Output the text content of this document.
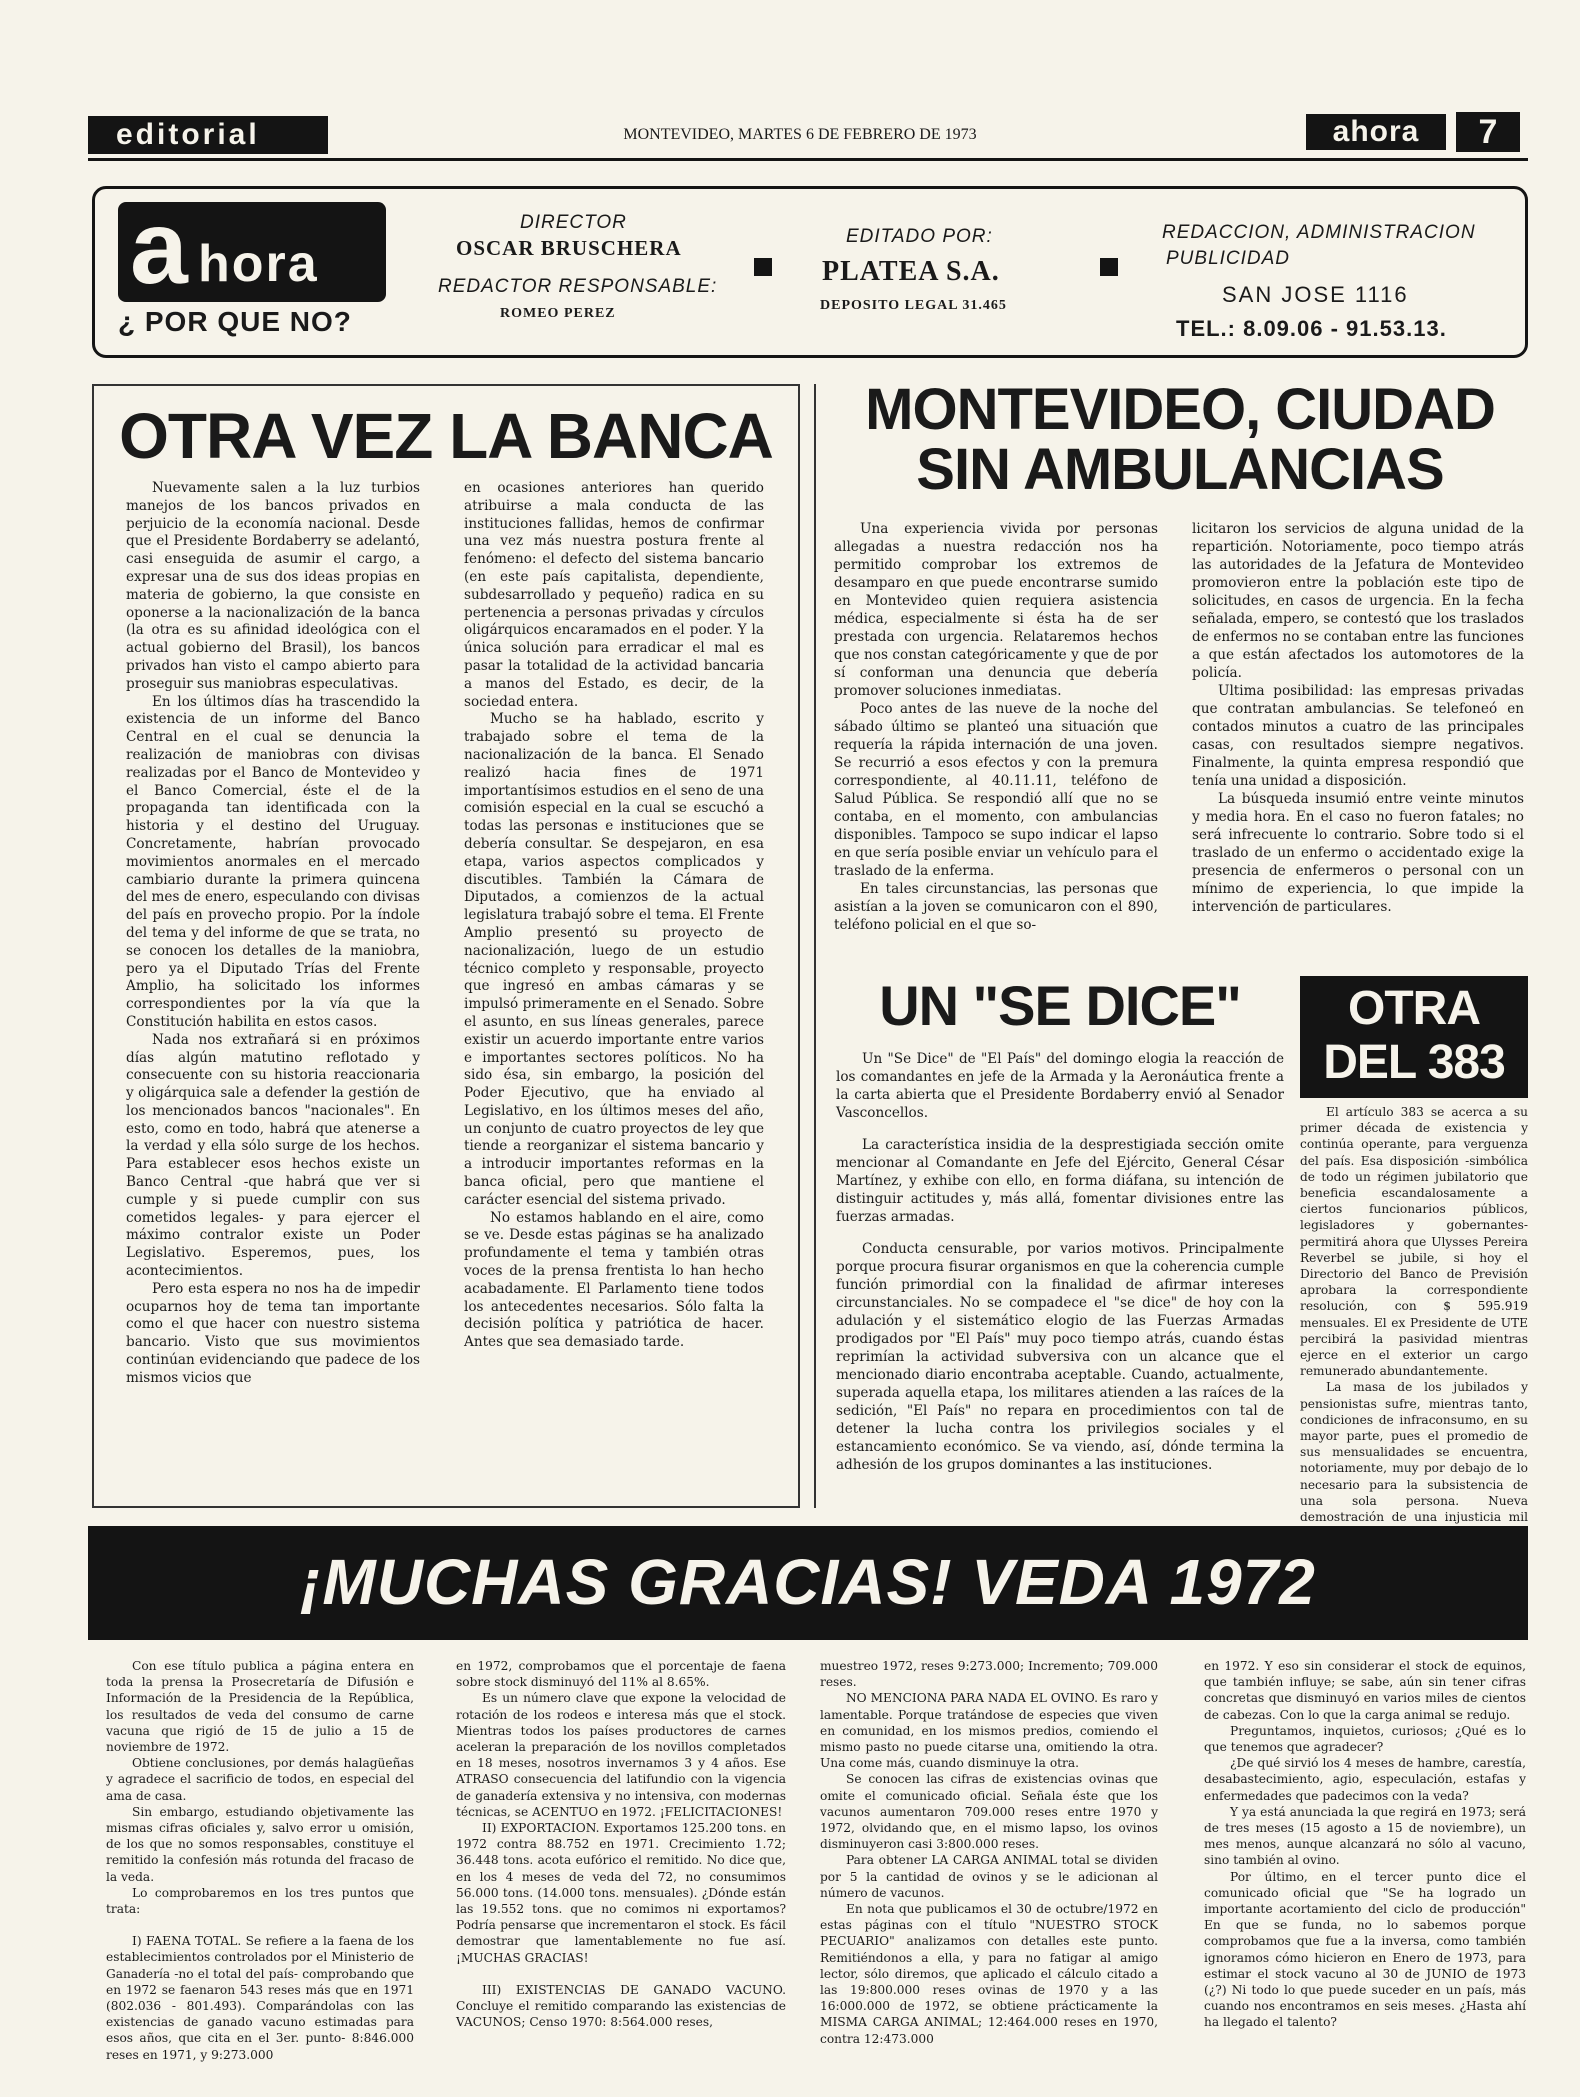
editorial	MONTEVIDEO, MARTES 6 DE FEBRERO DE 1973	ahora	7
a hora
¿ POR QUE NO?
DIRECTOR
OSCAR BRUSCHERA
REDACTOR RESPONSABLE:
ROMEO PEREZ
EDITADO POR:
PLATEA S.A.
DEPOSITO LEGAL 31.465
REDACCION, ADMINISTRACION
PUBLICIDAD
SAN JOSE 1116
TEL.: 8.09.06 - 91.53.13.
OTRA VEZ LA BANCA

Nuevamente salen a la luz turbios manejos de los bancos privados en perjuicio de la economía nacional. Desde que el Presidente Bordaberry se adelantó, casi enseguida de asumir el cargo, a expresar una de sus dos ideas propias en materia de gobierno, la que consiste en oponerse a la nacionalización de la banca (la otra es su afinidad ideológica con el actual gobierno del Brasil), los bancos privados han visto el campo abierto para proseguir sus maniobras especulativas.

En los últimos días ha trascendido la existencia de un informe del Banco Central en el cual se denuncia la realización de maniobras con divisas realizadas por el Banco de Montevideo y el Banco Comercial, éste el de la propaganda tan identificada con la historia y el destino del Uruguay. Concretamente, habrían provocado movimientos anormales en el mercado cambiario durante la primera quincena del mes de enero, especulando con divisas del país en provecho propio. Por la índole del tema y del informe de que se trata, no se conocen los detalles de la maniobra, pero ya el Diputado Trías del Frente Amplio, ha solicitado los informes correspondientes por la vía que la Constitución habilita en estos casos.

Nada nos extrañará si en próximos días algún matutino reflotado y consecuente con su historia reaccionaria y oligárquica sale a defender la gestión de los mencionados bancos "nacionales". En esto, como en todo, habrá que atenerse a la verdad y ella sólo surge de los hechos. Para establecer esos hechos existe un Banco Central -que habrá que ver si cumple y si puede cumplir con sus cometidos legales- y para ejercer el máximo contralor existe un Poder Legislativo. Esperemos, pues, los acontecimientos.

Pero esta espera no nos ha de impedir ocuparnos hoy de tema tan importante como el que hacer con nuestro sistema bancario. Visto que sus movimientos continúan evidenciando que padece de los mismos vicios que

en ocasiones anteriores han querido atribuirse a mala conducta de las instituciones fallidas, hemos de confirmar una vez más nuestra postura frente al fenómeno: el defecto del sistema bancario (en este país capitalista, dependiente, subdesarrollado y pequeño) radica en su pertenencia a personas privadas y círculos oligárquicos encaramados en el poder. Y la única solución para erradicar el mal es pasar la totalidad de la actividad bancaria a manos del Estado, es decir, de la sociedad entera.

Mucho se ha hablado, escrito y trabajado sobre el tema de la nacionalización de la banca. El Senado realizó hacia fines de 1971 importantísimos estudios en el seno de una comisión especial en la cual se escuchó a todas las personas e instituciones que se debería consultar. Se despejaron, en esa etapa, varios aspectos complicados y discutibles. También la Cámara de Diputados, a comienzos de la actual legislatura trabajó sobre el tema. El Frente Amplio presentó su proyecto de nacionalización, luego de un estudio técnico completo y responsable, proyecto que ingresó en ambas cámaras y se impulsó primeramente en el Senado. Sobre el asunto, en sus líneas generales, parece existir un acuerdo importante entre varios e importantes sectores políticos. No ha sido ésa, sin embargo, la posición del Poder Ejecutivo, que ha enviado al Legislativo, en los últimos meses del año, un conjunto de cuatro proyectos de ley que tiende a reorganizar el sistema bancario y a introducir importantes reformas en la banca oficial, pero que mantiene el carácter esencial del sistema privado.

No estamos hablando en el aire, como se ve. Desde estas páginas se ha analizado profundamente el tema y también otras voces de la prensa frentista lo han hecho acabadamente. El Parlamento tiene todos los antecedentes necesarios. Sólo falta la decisión política y patriótica de hacer. Antes que sea demasiado tarde.

MONTEVIDEO, CIUDAD
SIN AMBULANCIAS

Una experiencia vivida por personas allegadas a nuestra redacción nos ha permitido comprobar los extremos de desamparo en que puede encontrarse sumido en Montevideo quien requiera asistencia médica, especialmente si ésta ha de ser prestada con urgencia. Relataremos hechos que nos constan categóricamente y que de por sí conforman una denuncia que debería promover soluciones inmediatas.

Poco antes de las nueve de la noche del sábado último se planteó una situación que requería la rápida internación de una joven. Se recurrió a esos efectos y con la premura correspondiente, al 40.11.11, teléfono de Salud Pública. Se respondió allí que no se contaba, en el momento, con ambulancias disponibles. Tampoco se supo indicar el lapso en que sería posible enviar un vehículo para el traslado de la enferma.

En tales circunstancias, las personas que asistían a la joven se comunicaron con el 890, teléfono policial en el que so-

licitaron los servicios de alguna unidad de la repartición. Notoriamente, poco tiempo atrás las autoridades de la Jefatura de Montevideo promovieron entre la población este tipo de solicitudes, en casos de urgencia. En la fecha señalada, empero, se contestó que los traslados de enfermos no se contaban entre las funciones a que están afectados los automotores de la policía.

Ultima posibilidad: las empresas privadas que contratan ambulancias. Se telefoneó en contados minutos a cuatro de las principales casas, con resultados siempre negativos. Finalmente, la quinta empresa respondió que tenía una unidad a disposición.

La búsqueda insumió entre veinte minutos y media hora. En el caso no fueron fatales; no será infrecuente lo contrario. Sobre todo si el traslado de un enfermo o accidentado exige la presencia de enfermeros o personal con un mínimo de experiencia, lo que impide la intervención de particulares.

UN "SE DICE"

Un "Se Dice" de "El País" del domingo elogia la reacción de los comandantes en jefe de la Armada y la Aeronáutica frente a la carta abierta que el Presidente Bordaberry envió al Senador Vasconcellos.

La característica insidia de la desprestigiada sección omite mencionar al Comandante en Jefe del Ejército, General César Martínez, y exhibe con ello, en forma diáfana, su intención de distinguir actitudes y, más allá, fomentar divisiones entre las fuerzas armadas.

Conducta censurable, por varios motivos. Principalmente porque procura fisurar organismos en que la coherencia cumple función primordial con la finalidad de afirmar intereses circunstanciales. No se compadece el "se dice" de hoy con la adulación y el sistemático elogio de las Fuerzas Armadas prodigados por "El País" muy poco tiempo atrás, cuando éstas reprimían la actividad subversiva con un alcance que el mencionado diario encontraba aceptable. Cuando, actualmente, superada aquella etapa, los militares atienden a las raíces de la sedición, "El País" no repara en procedimientos con tal de detener la lucha contra los privilegios sociales y el estancamiento económico. Se va viendo, así, dónde termina la adhesión de los grupos dominantes a las instituciones.

OTRA
DEL 383

El artículo 383 se acerca a su primer década de existencia y continúa operante, para verguenza del país. Esa disposición -simbólica de todo un régimen jubilatorio que beneficia escandalosamente a ciertos funcionarios públicos, legisladores y gobernantes- permitirá ahora que Ulysses Pereira Reverbel se jubile, si hoy el Directorio del Banco de Previsión aprobara la correspondiente resolución, con $ 595.919 mensuales. El ex Presidente de UTE percibirá la pasividad mientras ejerce en el exterior un cargo remunerado abundantemente.

La masa de los jubilados y pensionistas sufre, mientras tanto, condiciones de infraconsumo, en su mayor parte, pues el promedio de sus mensualidades se encuentra, notoriamente, muy por debajo de lo necesario para la subsistencia de una sola persona. Nueva demostración de una injusticia mil

¡MUCHAS GRACIAS! VEDA 1972

Con ese título publica a página entera en toda la prensa la Prosecretaría de Difusión e Información de la Presidencia de la República, los resultados de veda del consumo de carne vacuna que rigió de 15 de julio a 15 de noviembre de 1972.

Obtiene conclusiones, por demás halagüeñas y agradece el sacrificio de todos, en especial del ama de casa.

Sin embargo, estudiando objetivamente las mismas cifras oficiales y, salvo error u omisión, de los que no somos responsables, constituye el remitido la confesión más rotunda del fracaso de la veda.

Lo comprobaremos en los tres puntos que trata:

I) FAENA TOTAL. Se refiere a la faena de los establecimientos controlados por el Ministerio de Ganadería -no el total del país- comprobando que en 1972 se faenaron 543 reses más que en 1971 (802.036 - 801.493). Comparándolas con las existencias de ganado vacuno estimadas para esos años, que cita en el 3er. punto- 8:846.000 reses en 1971, y 9:273.000

en 1972, comprobamos que el porcentaje de faena sobre stock disminuyó del 11% al 8.65%.

Es un número clave que expone la velocidad de rotación de los rodeos e interesa más que el stock. Mientras todos los países productores de carnes aceleran la preparación de los novillos completados en 18 meses, nosotros invernamos 3 y 4 años. Ese ATRASO consecuencia del latifundio con la vigencia de ganadería extensiva y no intensiva, con modernas técnicas, se ACENTUO en 1972. ¡FELICITACIONES!

II) EXPORTACION. Exportamos 125.200 tons. en 1972 contra 88.752 en 1971. Crecimiento 1.72; 36.448 tons. acota eufórico el remitido. No dice que, en los 4 meses de veda del 72, no consumimos 56.000 tons. (14.000 tons. mensuales). ¿Dónde están las 19.552 tons. que no comimos ni exportamos? Podría pensarse que incrementaron el stock. Es fácil demostrar que lamentablemente no fue así. ¡MUCHAS GRACIAS!

III) EXISTENCIAS DE GANADO VACUNO. Concluye el remitido comparando las existencias de VACUNOS; Censo 1970: 8:564.000 reses,

muestreo 1972, reses 9:273.000; Incremento; 709.000 reses.

NO MENCIONA PARA NADA EL OVINO. Es raro y lamentable. Porque tratándose de especies que viven en comunidad, en los mismos predios, comiendo el mismo pasto no puede citarse una, omitiendo la otra. Una come más, cuando disminuye la otra.

Se conocen las cifras de existencias ovinas que omite el comunicado oficial. Señala éste que los vacunos aumentaron 709.000 reses entre 1970 y 1972, olvidando que, en el mismo lapso, los ovinos disminuyeron casi 3:800.000 reses.

Para obtener LA CARGA ANIMAL total se dividen por 5 la cantidad de ovinos y se le adicionan al número de vacunos.

En nota que publicamos el 30 de octubre/1972 en estas páginas con el título "NUESTRO STOCK PECUARIO" analizamos con detalles este punto. Remitiéndonos a ella, y para no fatigar al amigo lector, sólo diremos, que aplicado el cálculo citado a las 19:800.000 reses ovinas de 1970 y a las 16:000.000 de 1972, se obtiene prácticamente la MISMA CARGA ANIMAL; 12:464.000 reses en 1970, contra 12:473.000

en 1972. Y eso sin considerar el stock de equinos, que también influye; se sabe, aún sin tener cifras concretas que disminuyó en varios miles de cientos de cabezas. Con lo que la carga animal se redujo.

Preguntamos, inquietos, curiosos; ¿Qué es lo que tenemos que agradecer?

¿De qué sirvió los 4 meses de hambre, carestía, desabastecimiento, agio, especulación, estafas y enfermedades que padecimos con la veda?

Y ya está anunciada la que regirá en 1973; será de tres meses (15 agosto a 15 de noviembre), un mes menos, aunque alcanzará no sólo al vacuno, sino también al ovino.

Por último, en el tercer punto dice el comunicado oficial que "Se ha logrado un importante acortamiento del ciclo de producción" En que se funda, no lo sabemos porque comprobamos que fue a la inversa, como también ignoramos cómo hicieron en Enero de 1973, para estimar el stock vacuno al 30 de JUNIO de 1973 (¿?) Ni todo lo que puede suceder en un país, más cuando nos encontramos en seis meses. ¿Hasta ahí ha llegado el talento?
